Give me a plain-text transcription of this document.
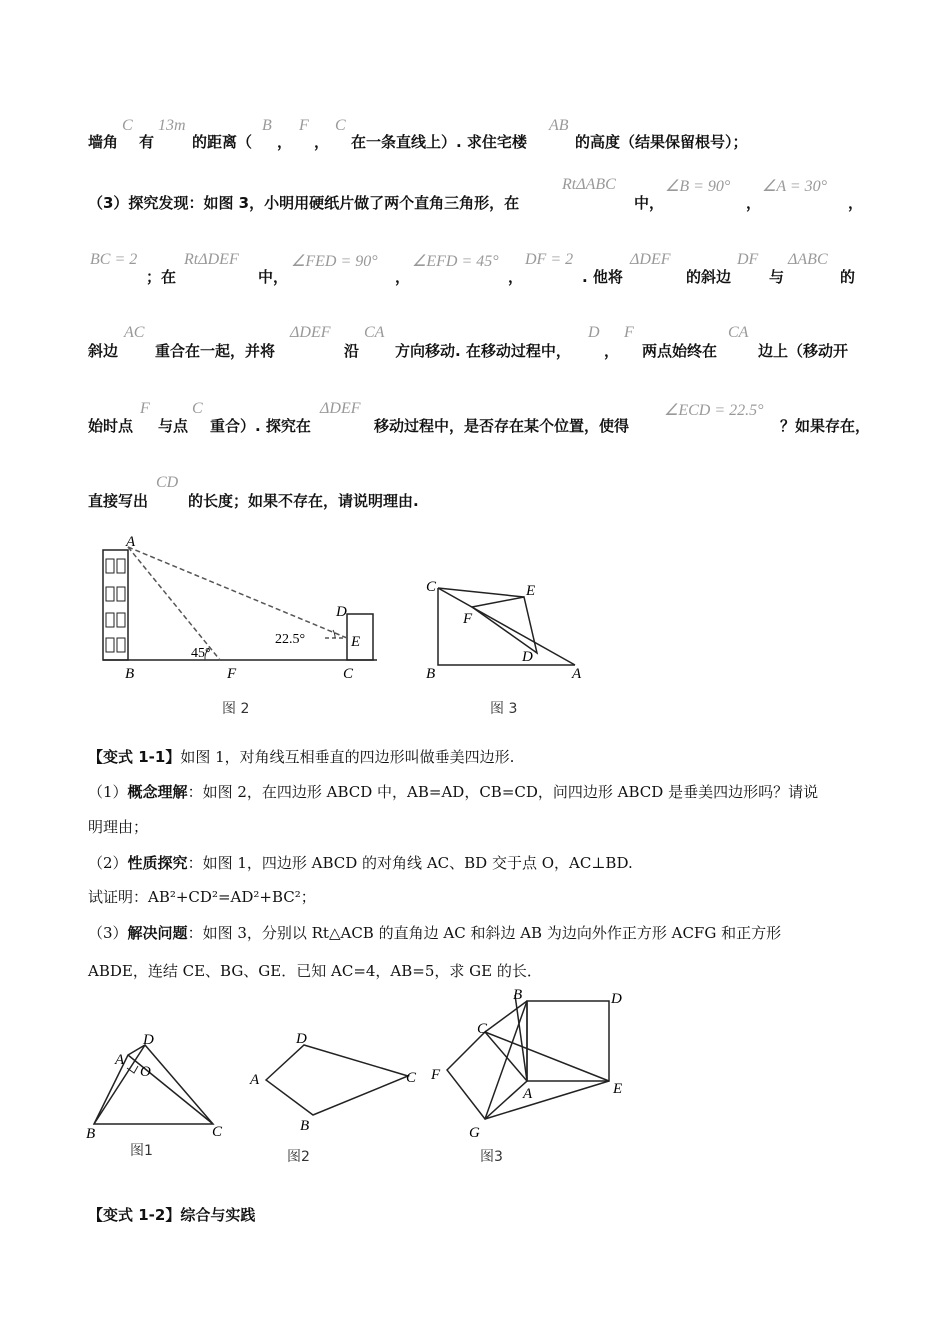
墙角
C
有
13m
的距离（
B
，
F
，
C
在一条直线上）. 求住宅楼
AB
的高度（结果保留根号）；
（3）探究发现：如图 3，小明用硬纸片做了两个直角三角形，在
RtΔABC
中，
∠B = 90°
，
∠A = 30°
，
BC = 2
；在
RtΔDEF
中，
∠FED = 90°
，
∠EFD = 45°
，
DF = 2
. 他将
ΔDEF
的斜边
DF
与
ΔABC
的
斜边
AC
重合在一起，并将
ΔDEF
沿
CA
方向移动. 在移动过程中，
D
，
F
两点始终在
CA
边上（移动开
始时点
F
与点
C
重合）. 探究在
ΔDEF
移动过程中，是否存在某个位置，使得
∠ECD = 22.5°
？如果存在，
直接写出
CD
的长度；如果不存在，请说明理由.
A
B	F	C
D
E
45°
22.5°
图 2
C	E
F
D
B	A
图 3
【变式 1-1】如图 1，对角线互相垂直的四边形叫做垂美四边形.
（1）概念理解：如图 2，在四边形 ABCD 中，AB=AD，CB=CD，问四边形 ABCD 是垂美四边形吗？请说
明理由；
（2）性质探究：如图 1，四边形 ABCD 的对角线 AC、BD 交于点 O，AC⊥BD.
试证明：AB²+CD²=AD²+BC²；
（3）解决问题：如图 3，分别以 Rt△ACB 的直角边 AC 和斜边 AB 为边向外作正方形 ACFG 和正方形
ABDE，连结 CE、BG、GE．已知 AC=4，AB=5，求 GE 的长．
A
D
O
B	C
图1
D
A	C
B
图2
B	D
C
F
A	E
G
图3
【变式 1-2】综合与实践
